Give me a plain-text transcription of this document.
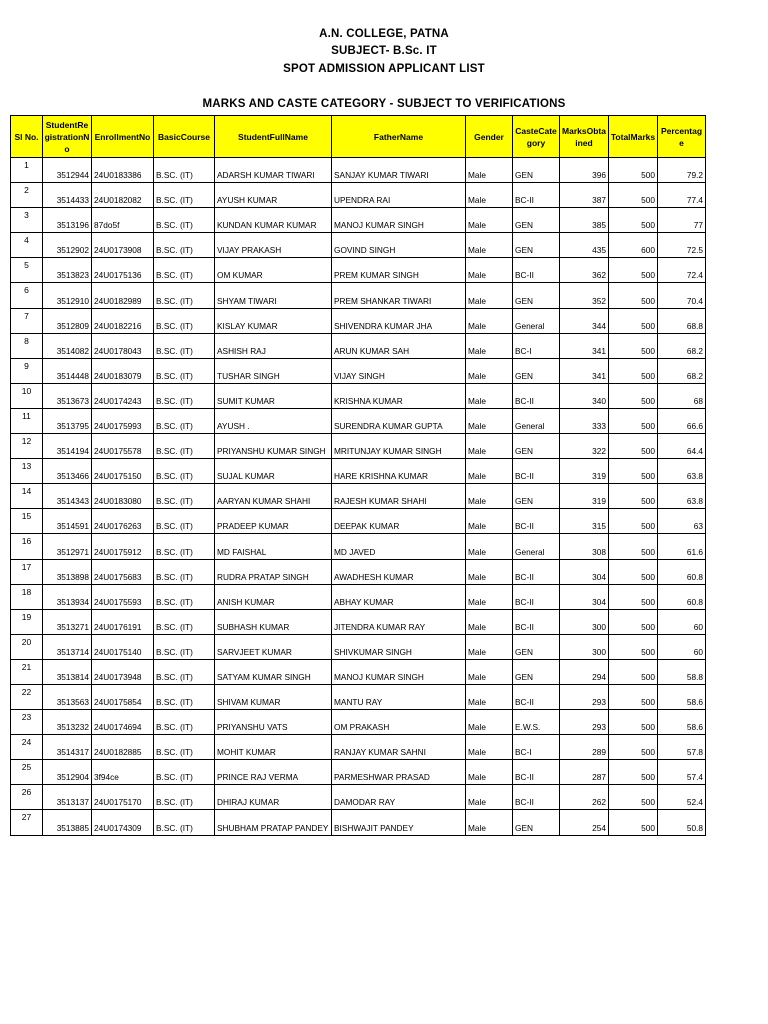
A.N. COLLEGE, PATNA
SUBJECT- B.Sc. IT
SPOT ADMISSION APPLICANT LIST
MARKS AND CASTE CATEGORY - SUBJECT TO VERIFICATIONS
Sl No.	StudentRegistrationNo	EnrollmentNo	BasicCourse	StudentFullName	FatherName	Gender	CasteCategory	MarksObtained	TotalMarks	Percentage
1	3512944	24U0183386	B.SC. (IT)	ADARSH KUMAR TIWARI	SANJAY KUMAR TIWARI	Male	GEN	396	500	79.2
2	3514433	24U0182082	B.SC. (IT)	AYUSH KUMAR	UPENDRA RAI	Male	BC-II	387	500	77.4
3	3513196	87do5f	B.SC. (IT)	KUNDAN KUMAR KUMAR	MANOJ KUMAR SINGH	Male	GEN	385	500	77
4	3512902	24U0173908	B.SC. (IT)	VIJAY PRAKASH	GOVIND SINGH	Male	GEN	435	600	72.5
5	3513823	24U0175136	B.SC. (IT)	OM KUMAR	PREM KUMAR SINGH	Male	BC-II	362	500	72.4
6	3512910	24U0182989	B.SC. (IT)	SHYAM TIWARI	PREM SHANKAR TIWARI	Male	GEN	352	500	70.4
7	3512809	24U0182216	B.SC. (IT)	KISLAY KUMAR	SHIVENDRA KUMAR JHA	Male	General	344	500	68.8
8	3514082	24U0178043	B.SC. (IT)	ASHISH RAJ	ARUN KUMAR SAH	Male	BC-I	341	500	68.2
9	3514448	24U0183079	B.SC. (IT)	TUSHAR SINGH	VIJAY SINGH	Male	GEN	341	500	68.2
10	3513673	24U0174243	B.SC. (IT)	SUMIT KUMAR	KRISHNA KUMAR	Male	BC-II	340	500	68
11	3513795	24U0175993	B.SC. (IT)	AYUSH .	SURENDRA KUMAR GUPTA	Male	General	333	500	66.6
12	3514194	24U0175578	B.SC. (IT)	PRIYANSHU KUMAR SINGH	MRITUNJAY KUMAR SINGH	Male	GEN	322	500	64.4
13	3513466	24U0175150	B.SC. (IT)	SUJAL KUMAR	HARE KRISHNA KUMAR	Male	BC-II	319	500	63.8
14	3514343	24U0183080	B.SC. (IT)	AARYAN KUMAR SHAHI	RAJESH KUMAR SHAHI	Male	GEN	319	500	63.8
15	3514591	24U0176263	B.SC. (IT)	PRADEEP KUMAR	DEEPAK KUMAR	Male	BC-II	315	500	63
16	3512971	24U0175912	B.SC. (IT)	MD FAISHAL	MD JAVED	Male	General	308	500	61.6
17	3513898	24U0175683	B.SC. (IT)	RUDRA PRATAP SINGH	AWADHESH KUMAR	Male	BC-II	304	500	60.8
18	3513934	24U0175593	B.SC. (IT)	ANISH KUMAR	ABHAY KUMAR	Male	BC-II	304	500	60.8
19	3513271	24U0176191	B.SC. (IT)	SUBHASH KUMAR	JITENDRA KUMAR RAY	Male	BC-II	300	500	60
20	3513714	24U0175140	B.SC. (IT)	SARVJEET KUMAR	SHIVKUMAR SINGH	Male	GEN	300	500	60
21	3513814	24U0173948	B.SC. (IT)	SATYAM KUMAR SINGH	MANOJ KUMAR SINGH	Male	GEN	294	500	58.8
22	3513563	24U0175854	B.SC. (IT)	SHIVAM KUMAR	MANTU RAY	Male	BC-II	293	500	58.6
23	3513232	24U0174694	B.SC. (IT)	PRIYANSHU VATS	OM PRAKASH	Male	E.W.S.	293	500	58.6
24	3514317	24U0182885	B.SC. (IT)	MOHIT KUMAR	RANJAY KUMAR SAHNI	Male	BC-I	289	500	57.8
25	3512904	3f94ce	B.SC. (IT)	PRINCE RAJ VERMA	PARMESHWAR PRASAD	Male	BC-II	287	500	57.4
26	3513137	24U0175170	B.SC. (IT)	DHIRAJ KUMAR	DAMODAR RAY	Male	BC-II	262	500	52.4
27	3513885	24U0174309	B.SC. (IT)	SHUBHAM PRATAP PANDEY	BISHWAJIT PANDEY	Male	GEN	254	500	50.8
